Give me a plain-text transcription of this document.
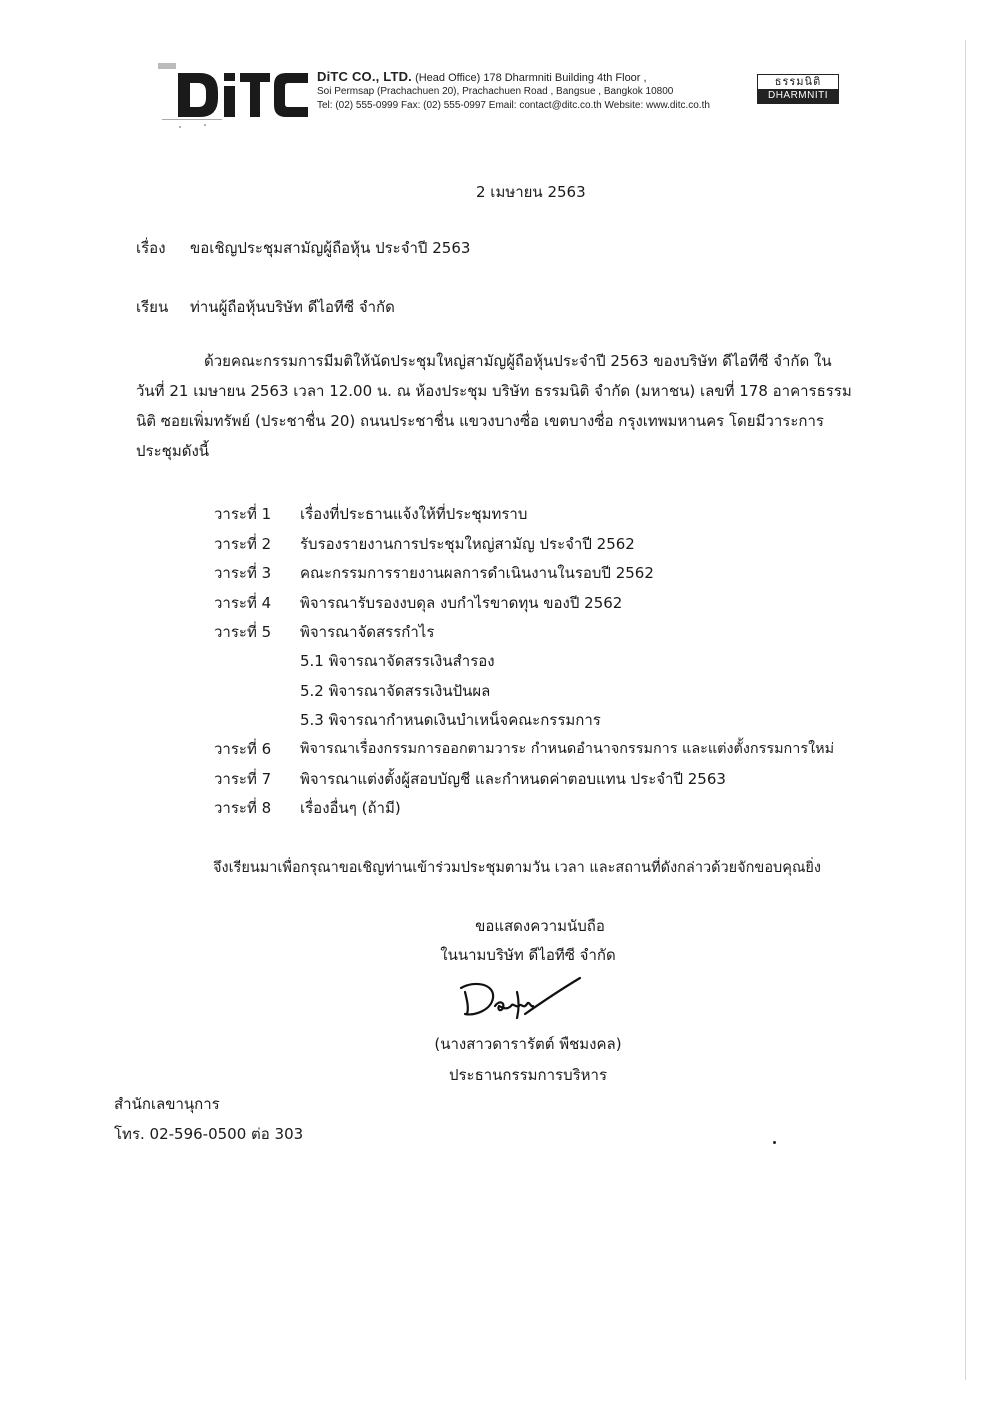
DiTC CO., LTD. (Head Office) 178 Dharmniti Building 4th Floor ,
Soi Permsap (Prachachuen 20), Prachachuen Road , Bangsue , Bangkok 10800
Tel: (02) 555-0999 Fax: (02) 555-0997 Email: contact@ditc.co.th Website: www.ditc.co.th
ธรรมนิติ
DHARMNITI
2 เมษายน 2563
เรื่อง ขอเชิญประชุมสามัญผู้ถือหุ้น ประจำปี 2563
เรียน ท่านผู้ถือหุ้นบริษัท ดีไอทีซี จำกัด
ด้วยคณะกรรมการมีมติให้นัดประชุมใหญ่สามัญผู้ถือหุ้นประจำปี 2563 ของบริษัท ดีไอทีซี จำกัด ใน
วันที่ 21 เมษายน 2563 เวลา 12.00 น. ณ ห้องประชุม บริษัท ธรรมนิติ จำกัด (มหาชน) เลขที่ 178 อาคารธรรม
นิติ ซอยเพิ่มทรัพย์ (ประชาชื่น 20) ถนนประชาชื่น แขวงบางซื่อ เขตบางซื่อ กรุงเทพมหานคร โดยมีวาระการ
ประชุมดังนี้
วาระที่ 1 เรื่องที่ประธานแจ้งให้ที่ประชุมทราบ
วาระที่ 2 รับรองรายงานการประชุมใหญ่สามัญ ประจำปี 2562
วาระที่ 3 คณะกรรมการรายงานผลการดำเนินงานในรอบปี 2562
วาระที่ 4 พิจารณารับรองงบดุล งบกำไรขาดทุน ของปี 2562
วาระที่ 5 พิจารณาจัดสรรกำไร
5.1 พิจารณาจัดสรรเงินสำรอง
5.2 พิจารณาจัดสรรเงินปันผล
5.3 พิจารณากำหนดเงินบำเหน็จคณะกรรมการ
วาระที่ 6 พิจารณาเรื่องกรรมการออกตามวาระ กำหนดอำนาจกรรมการ และแต่งตั้งกรรมการใหม่
วาระที่ 7 พิจารณาแต่งตั้งผู้สอบบัญชี และกำหนดค่าตอบแทน ประจำปี 2563
วาระที่ 8 เรื่องอื่นๆ (ถ้ามี)
จึงเรียนมาเพื่อกรุณาขอเชิญท่านเข้าร่วมประชุมตามวัน เวลา และสถานที่ดังกล่าวด้วยจักขอบคุณยิ่ง
ขอแสดงความนับถือ
ในนามบริษัท ดีไอทีซี จำกัด
(นางสาวดารารัตต์ พืชมงคล)
ประธานกรรมการบริหาร
สำนักเลขานุการ
โทร. 02-596-0500 ต่อ 303
